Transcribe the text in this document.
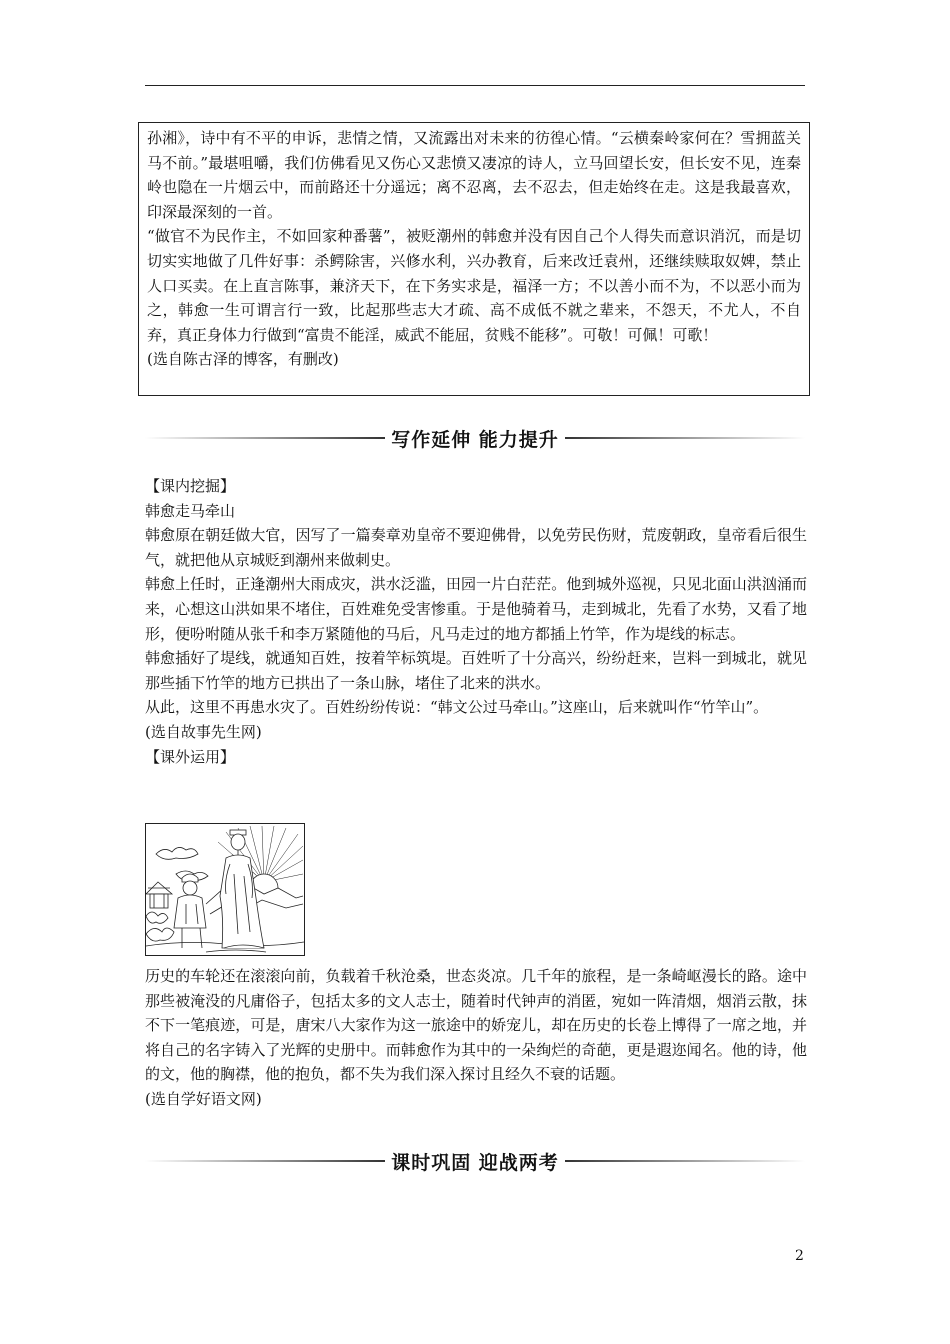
孙湘》，诗中有不平的申诉，悲情之情，又流露出对未来的彷徨心情。“云横秦岭家何在？雪拥蓝关马不前。”最堪咀嚼，我们仿佛看见又伤心又悲愤又凄凉的诗人，立马回望长安，但长安不见，连秦岭也隐在一片烟云中，而前路还十分遥远；离不忍离，去不忍去，但走始终在走。这是我最喜欢，印深最深刻的一首。

“做官不为民作主，不如回家种番薯”，被贬潮州的韩愈并没有因自己个人得失而意识消沉，而是切切实实地做了几件好事：杀鳄除害，兴修水利，兴办教育，后来改迁袁州，还继续赎取奴婢，禁止人口买卖。在上直言陈事，兼济天下，在下务实求是，福泽一方；不以善小而不为，不以恶小而为之，韩愈一生可谓言行一致，比起那些志大才疏、高不成低不就之辈来，不怨天，不尤人，不自弃，真正身体力行做到“富贵不能淫，威武不能屈，贫贱不能移”。可敬！可佩！可歌！

(选自陈古泽的博客，有删改)

写作延伸 能力提升

【课内挖掘】

韩愈走马牵山

韩愈原在朝廷做大官，因写了一篇奏章劝皇帝不要迎佛骨，以免劳民伤财，荒废朝政，皇帝看后很生气，就把他从京城贬到潮州来做刺史。

韩愈上任时，正逢潮州大雨成灾，洪水泛滥，田园一片白茫茫。他到城外巡视，只见北面山洪汹涌而来，心想这山洪如果不堵住，百姓难免受害惨重。于是他骑着马，走到城北，先看了水势，又看了地形，便吩咐随从张千和李万紧随他的马后，凡马走过的地方都插上竹竿，作为堤线的标志。

韩愈插好了堤线，就通知百姓，按着竿标筑堤。百姓听了十分高兴，纷纷赶来，岂料一到城北，就见那些插下竹竿的地方已拱出了一条山脉，堵住了北来的洪水。

从此，这里不再患水灾了。百姓纷纷传说：“韩文公过马牵山。”这座山，后来就叫作“竹竿山”。

(选自故事先生网)

【课外运用】

历史的车轮还在滚滚向前，负载着千秋沧桑，世态炎凉。几千年的旅程，是一条崎岖漫长的路。途中那些被淹没的凡庸俗子，包括太多的文人志士，随着时代钟声的消匿，宛如一阵清烟，烟消云散，抹不下一笔痕迹，可是，唐宋八大家作为这一旅途中的娇宠儿，却在历史的长卷上博得了一席之地，并将自己的名字铸入了光辉的史册中。而韩愈作为其中的一朵绚烂的奇葩，更是遐迩闻名。他的诗，他的文，他的胸襟，他的抱负，都不失为我们深入探讨且经久不衰的话题。

(选自学好语文网)

课时巩固 迎战两考
2
